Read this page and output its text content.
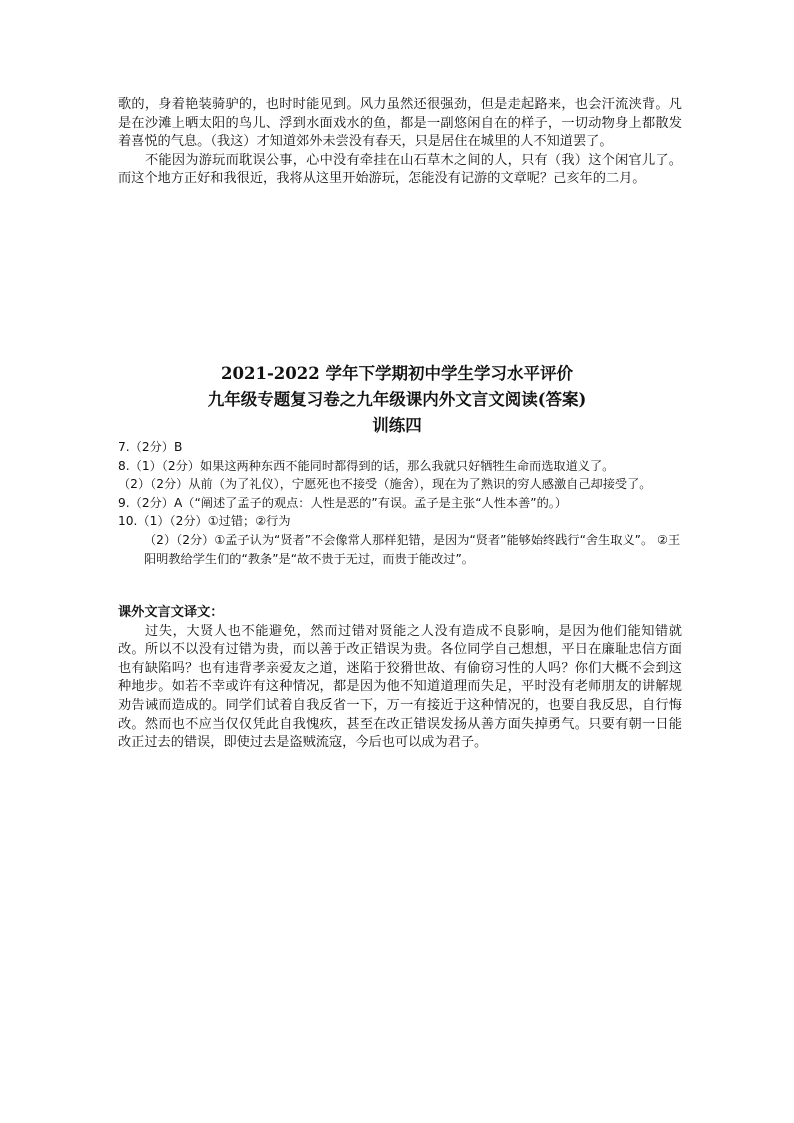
歌的，身着艳装骑驴的，也时时能见到。风力虽然还很强劲，但是走起路来，也会汗流浃背。凡是在沙滩上晒太阳的鸟儿、浮到水面戏水的鱼，都是一副悠闲自在的样子，一切动物身上都散发着喜悦的气息。（我这）才知道郊外未尝没有春天，只是居住在城里的人不知道罢了。

不能因为游玩而耽误公事，心中没有牵挂在山石草木之间的人，只有（我）这个闲官儿了。而这个地方正好和我很近，我将从这里开始游玩，怎能没有记游的文章呢？己亥年的二月。

2021-2022 学年下学期初中学生学习水平评价
九年级专题复习卷之九年级课内外文言文阅读(答案)
训练四

7.（2分）B

8.（1）（2分）如果这两种东西不能同时都得到的话，那么我就只好牺牲生命而选取道义了。

（2）（2分）从前（为了礼仪），宁愿死也不接受（施舍），现在为了熟识的穷人感激自己却接受了。

9.（2分）A（“阐述了孟子的观点：人性是恶的”有误。孟子是主张“人性本善”的。）

10.（1）（2分）①过错；②行为

（2）（2分）①孟子认为“贤者”不会像常人那样犯错，是因为“贤者”能够始终践行“舍生取义”。 ②王阳明教给学生们的“教条”是“故不贵于无过，而贵于能改过”。

课外文言文译文：

过失，大贤人也不能避免，然而过错对贤能之人没有造成不良影响，是因为他们能知错就改。所以不以没有过错为贵，而以善于改正错误为贵。各位同学自己想想，平日在廉耻忠信方面也有缺陷吗？也有违背孝亲爱友之道，迷陷于狡猾世故、有偷窃习性的人吗？你们大概不会到这种地步。如若不幸或许有这种情况，都是因为他不知道道理而失足，平时没有老师朋友的讲解规劝告诫而造成的。同学们试着自我反省一下，万一有接近于这种情况的，也要自我反思，自行悔改。然而也不应当仅仅凭此自我愧疚，甚至在改正错误发扬从善方面失掉勇气。只要有朝一日能改正过去的错误，即使过去是盗贼流寇，今后也可以成为君子。
